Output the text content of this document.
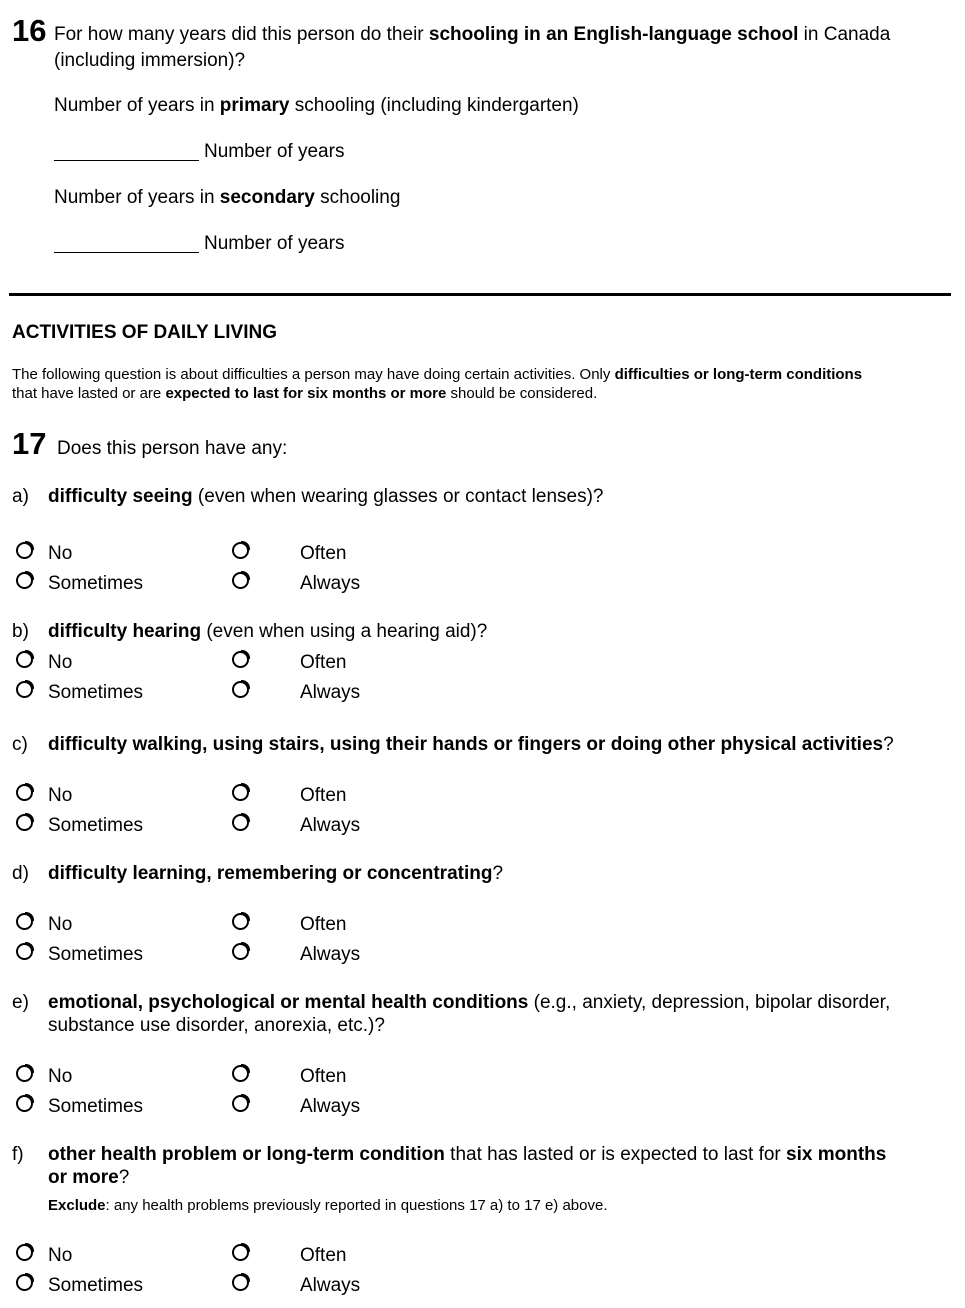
16 For how many years did this person do their schooling in an English-language school in Canada
(including immersion)?
Number of years in primary schooling (including kindergarten)
Number of years
Number of years in secondary schooling
Number of years
ACTIVITIES OF DAILY LIVING
The following question is about difficulties a person may have doing certain activities. Only difficulties or long-term conditions
that have lasted or are expected to last for six months or more should be considered.
17 Does this person have any:
a) difficulty seeing (even when wearing glasses or contact lenses)?
No	Often
Sometimes	Always
b) difficulty hearing (even when using a hearing aid)?
No	Often
Sometimes	Always
c) difficulty walking, using stairs, using their hands or fingers or doing other physical activities?
No	Often
Sometimes	Always
d) difficulty learning, remembering or concentrating?
No	Often
Sometimes	Always
e) emotional, psychological or mental health conditions (e.g., anxiety, depression, bipolar disorder,
substance use disorder, anorexia, etc.)?
No	Often
Sometimes	Always
f) other health problem or long-term condition that has lasted or is expected to last for six months
or more?
Exclude: any health problems previously reported in questions 17 a) to 17 e) above.
No	Often
Sometimes	Always
